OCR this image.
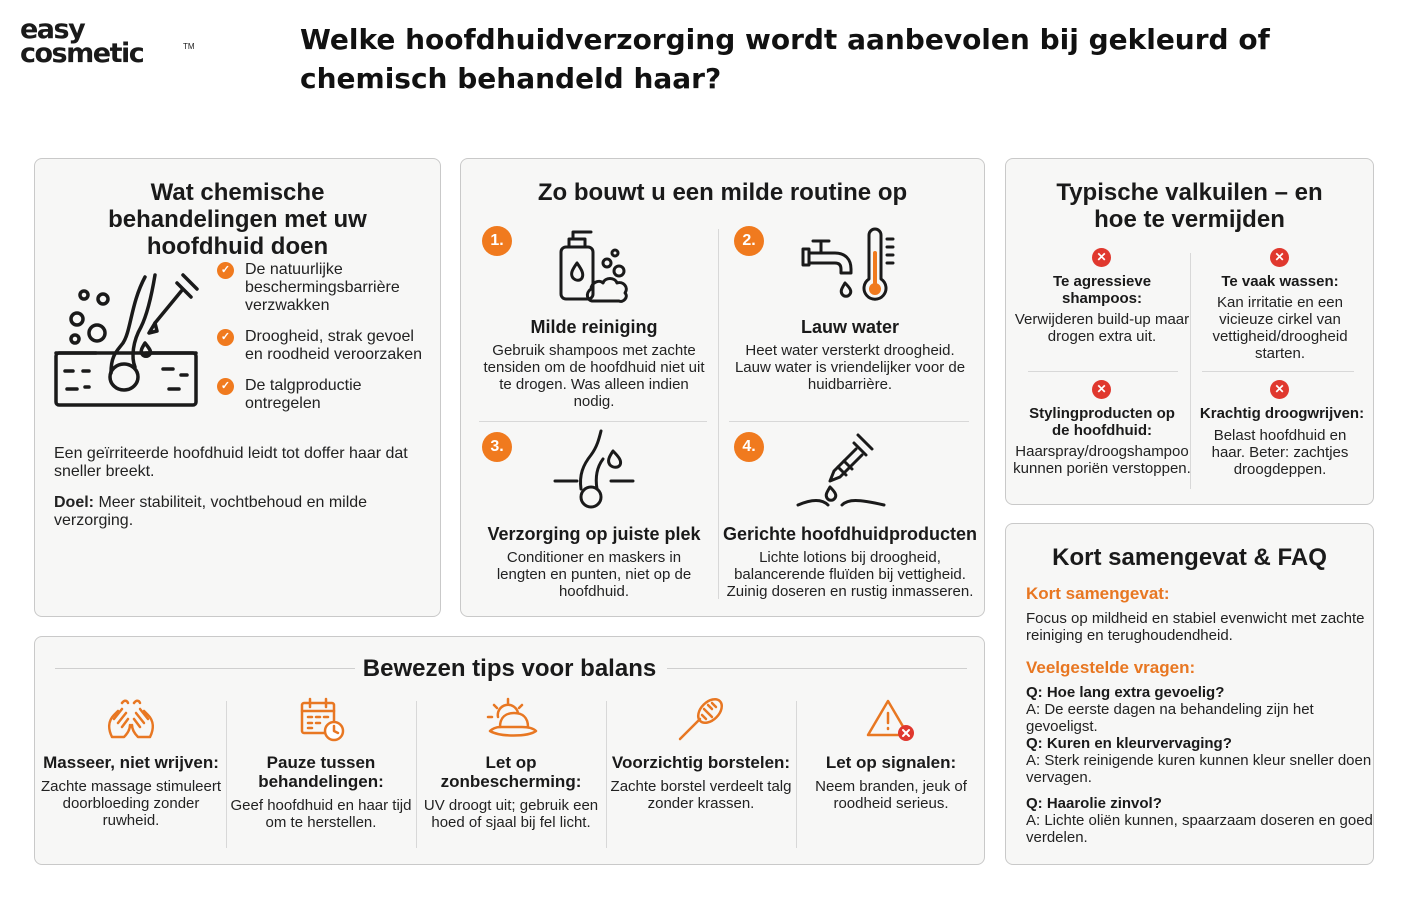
easy
cosmetic	TM	Welke hoofdhuidverzorging wordt aanbevolen bij gekleurd of chemisch behandeld haar?
Wat chemische behandelingen met uw hoofdhuid doen
✓ De natuurlijke beschermingsbarrière verzwakken
✓ Droogheid, strak gevoel en roodheid veroorzaken
✓ De talgproductie ontregelen

Een geïrriteerde hoofdhuid leidt tot doffer haar dat sneller breekt.

Doel: Meer stabiliteit, vochtbehoud en milde verzorging.

Zo bouwt u een milde routine op
1.
Milde reiniging
Gebruik shampoos met zachte tensiden om de hoofdhuid niet uit te drogen. Was alleen indien nodig.
2.
Lauw water
Heet water versterkt droogheid. Lauw water is vriendelijker voor de huidbarrière.
3.
Verzorging op juiste plek
Conditioner en maskers in lengten en punten, niet op de hoofdhuid.
4.
Gerichte hoofdhuidproducten
Lichte lotions bij droogheid, balancerende fluïden bij vettigheid. Zuinig doseren en rustig inmasseren.
Typische valkuilen – en hoe te vermijden
✕
Te agressieve shampoos:
Verwijderen build-up maar drogen extra uit.
✕
Te vaak wassen:
Kan irritatie en een vicieuze cirkel van vettigheid/droogheid starten.
✕
Stylingproducten op de hoofdhuid:
Haarspray/droogshampoo kunnen poriën verstoppen.
✕
Krachtig droogwrijven:
Belast hoofdhuid en haar. Beter: zachtjes droogdeppen.
Kort samengevat & FAQ
Kort samengevat:
Focus op mildheid en stabiel evenwicht met zachte reiniging en terughoudendheid.
Veelgestelde vragen:
Q: Hoe lang extra gevoelig?
A: De eerste dagen na behandeling zijn het gevoeligst.
Q: Kuren en kleurvervaging?
A: Sterk reinigende kuren kunnen kleur sneller doen vervagen.
Q: Haarolie zinvol?
A: Lichte oliën kunnen, spaarzaam doseren en goed verdelen.
Bewezen tips voor balans
Masseer, niet wrijven:
Zachte massage stimuleert doorbloeding zonder ruwheid.
Pauze tussen behandelingen:
Geef hoofdhuid en haar tijd om te herstellen.
Let op zonbescherming:
UV droogt uit; gebruik een hoed of sjaal bij fel licht.
Voorzichtig borstelen:
Zachte borstel verdeelt talg zonder krassen.
Let op signalen:
Neem branden, jeuk of roodheid serieus.
